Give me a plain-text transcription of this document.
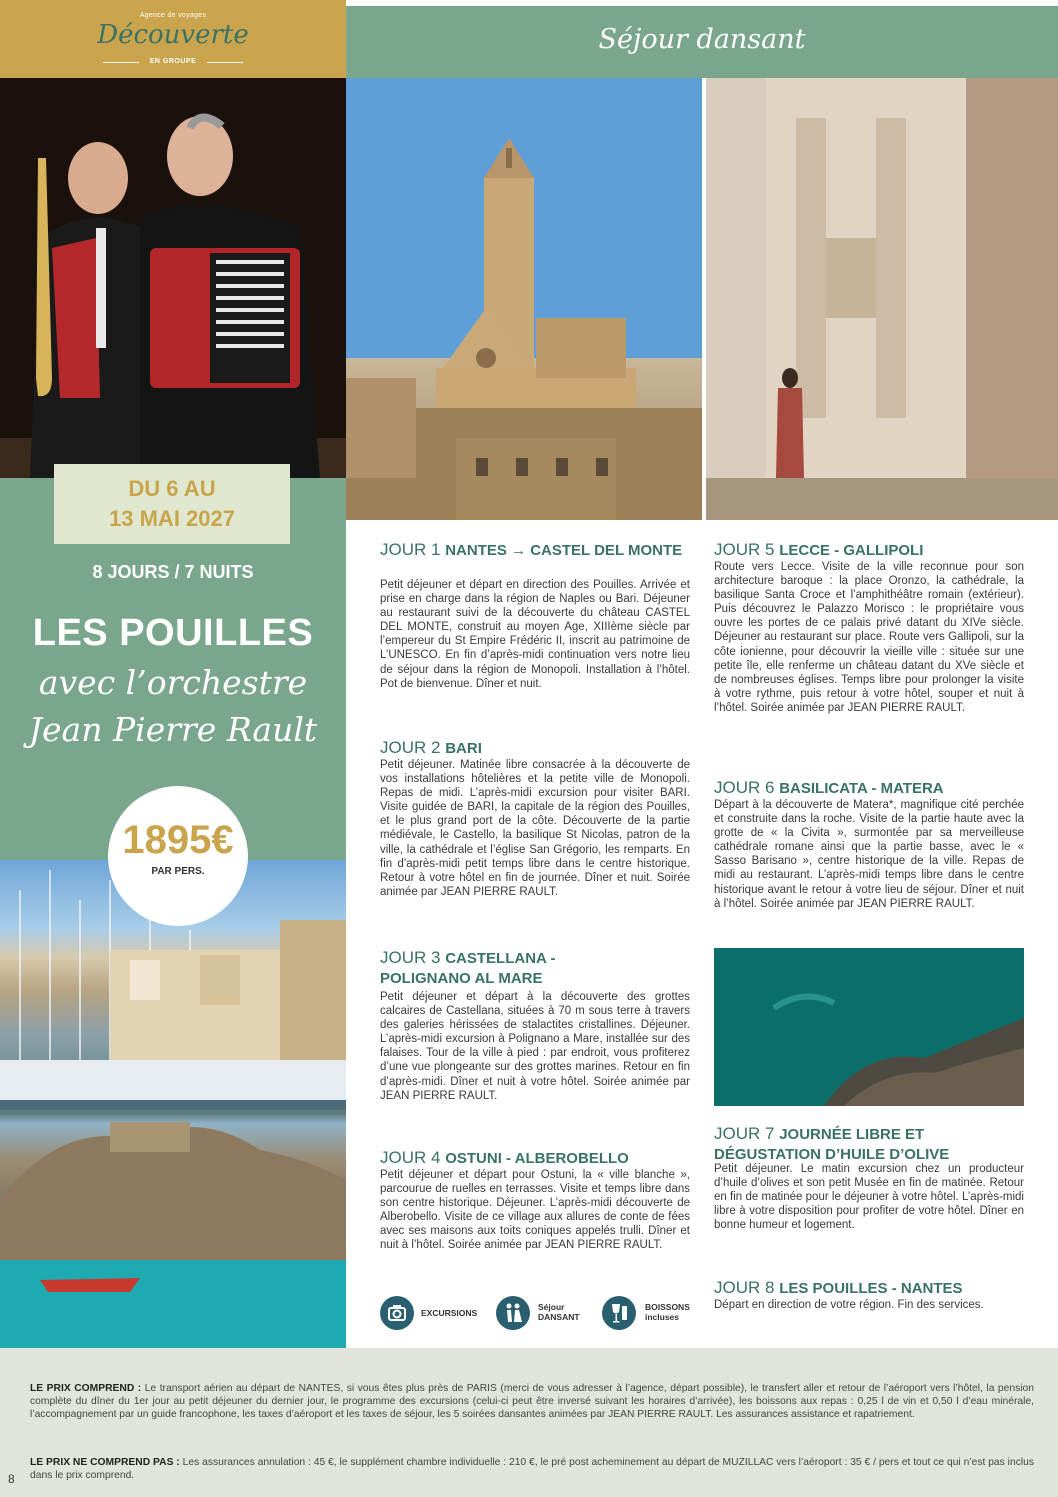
Agence de voyages
Découverte
EN GROUPE
DU 6 AU
13 MAI 2027
8 JOURS / 7 NUITS
LES POUILLES
avec l’orchestre
Jean Pierre Rault
1895€
PAR PERS.
Séjour dansant
JOUR 1 NANTES → CASTEL DEL MONTE
Petit déjeuner et départ en direction des Pouilles. Arrivée et prise en charge dans la région de Naples ou Bari. Déjeuner au restaurant suivi de la découverte du château CASTEL DEL MONTE, construit au moyen Age, XIIIème siècle par l’empereur du St Empire Frédéric II, inscrit au patrimoine de L’UNESCO. En fin d’après-midi continuation vers notre lieu de séjour dans la région de Monopoli. Installation à l’hôtel. Pot de bienvenue. Dîner et nuit.
JOUR 2 BARI
Petit déjeuner. Matinée libre consacrée à la découverte de vos installations hôtelières et la petite ville de Monopoli. Repas de midi. L’après-midi excursion pour visiter BARI. Visite guidée de BARI, la capitale de la région des Pouilles, et le plus grand port de la côte. Découverte de la partie médiévale, le Castello, la basilique St Nicolas, patron de la ville, la cathédrale et l’église San Grégorio, les remparts. En fin d’après-midi petit temps libre dans le centre historique. Retour à votre hôtel en fin de journée. Dîner et nuit. Soirée animée par JEAN PIERRE RAULT.
JOUR 3 CASTELLANA - POLIGNANO AL MARE
Petit déjeuner et départ à la découverte des grottes calcaires de Castellana, situées à 70 m sous terre à travers des galeries hérissées de stalactites cristallines. Déjeuner. L’après-midi excursion à Polignano a Mare, installée sur des falaises. Tour de la ville à pied : par endroit, vous profiterez d’une vue plongeante sur des grottes marines. Retour en fin d’après-midi. Dîner et nuit à votre hôtel. Soirée animée par JEAN PIERRE RAULT.
JOUR 4 OSTUNI - ALBEROBELLO
Petit déjeuner et départ pour Ostuni, la « ville blanche », parcourue de ruelles en terrasses. Visite et temps libre dans son centre historique. Déjeuner. L’après-midi découverte de Alberobello. Visite de ce village aux allures de conte de fées avec ses maisons aux toits coniques appelés trulli. Dîner et nuit à l’hôtel. Soirée animée par JEAN PIERRE RAULT.
JOUR 5 LECCE - GALLIPOLI
Route vers Lecce. Visite de la ville reconnue pour son architecture baroque : la place Oronzo, la cathédrale, la basilique Santa Croce et l’amphithéâtre romain (extérieur). Puis découvrez le Palazzo Morisco : le propriétaire vous ouvre les portes de ce palais privé datant du XIVe siècle. Déjeuner au restaurant sur place. Route vers Gallipoli, sur la côte ionienne, pour découvrir la vieille ville : située sur une petite île, elle renferme un château datant du XVe siècle et de nombreuses églises. Temps libre pour prolonger la visite à votre rythme, puis retour à votre hôtel, souper et nuit à l’hôtel. Soirée animée par JEAN PIERRE RAULT.
JOUR 6 BASILICATA - MATERA
Départ à la découverte de Matera*, magnifique cité perchée et construite dans la roche. Visite de la partie haute avec la grotte de « la Civita », surmontée par sa merveilleuse cathédrale romane ainsi que la partie basse, avec le « Sasso Barisano », centre historique de la ville. Repas de midi au restaurant. L’après-midi temps libre dans le centre historique avant le retour à votre lieu de séjour. Dîner et nuit à l’hôtel. Soirée animée par JEAN PIERRE RAULT.
JOUR 7 JOURNÉE LIBRE ET DÉGUSTATION D’HUILE D’OLIVE
Petit déjeuner. Le matin excursion chez un producteur d’huile d’olives et son petit Musée en fin de matinée. Retour en fin de matinée pour le déjeuner à votre hôtel. L’après-midi libre à votre disposition pour profiter de votre hôtel. Dîner en bonne humeur et logement.
JOUR 8 LES POUILLES - NANTES
Départ en direction de votre région. Fin des services.
EXCURSIONS
Séjour
DANSANT
BOISSONS
incluses
LE PRIX COMPREND : Le transport aérien au départ de NANTES, si vous êtes plus près de PARIS (merci de vous adresser à l’agence, départ possible), le transfert aller et retour de l’aéroport vers l’hôtel, la pension complète du dîner du 1er jour au petit déjeuner du dernier jour, le programme des excursions (celui-ci peut être inversé suivant les horaires d’arrivée), les boissons aux repas : 0,25 l de vin et 0,50 l d’eau minérale, l’accompagnement par un guide francophone, les taxes d’aéroport et les taxes de séjour, les 5 soirées dansantes animées par JEAN PIERRE RAULT. Les assurances assistance et rapatriement.
LE PRIX NE COMPREND PAS : Les assurances annulation : 45 €, le supplément chambre individuelle : 210 €, le pré post acheminement au départ de MUZILLAC vers l’aéroport : 35 € / pers et tout ce qui n’est pas inclus dans le prix comprend.
8
